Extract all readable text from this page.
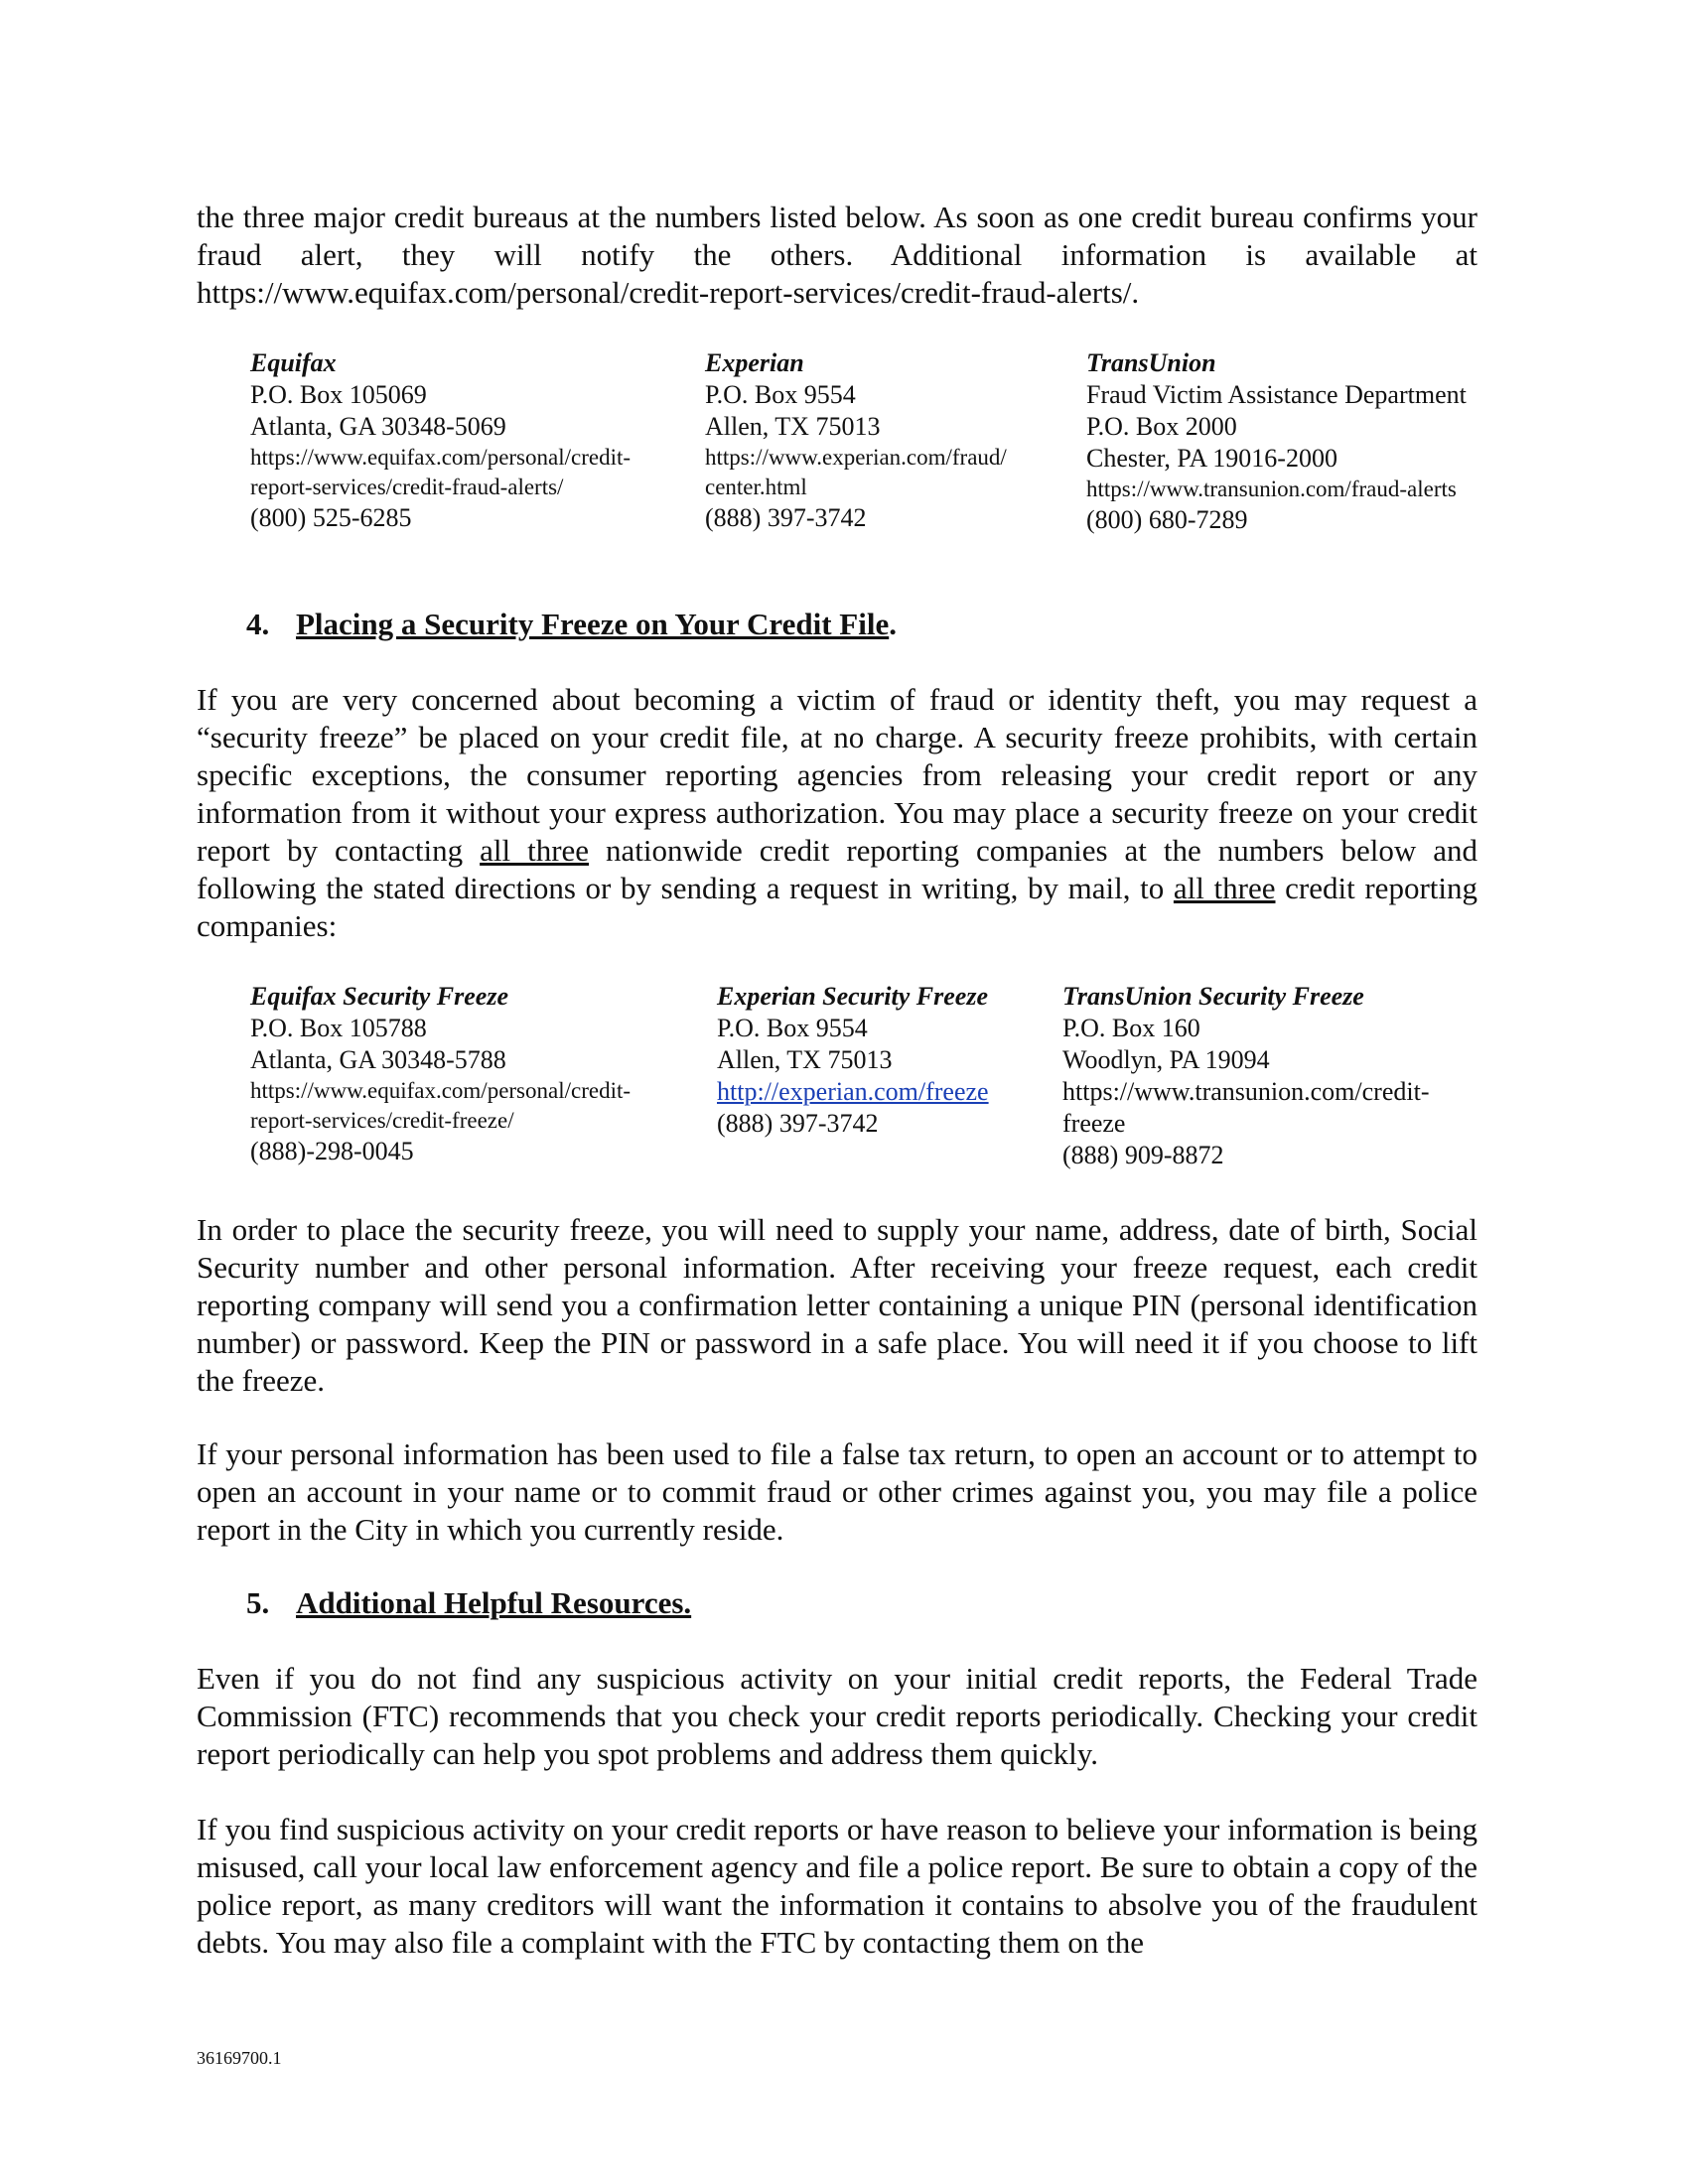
the three major credit bureaus at the numbers listed below. As soon as one credit bureau confirms your fraud alert, they will notify the others. Additional information is available at https://www.equifax.com/personal/credit-report-services/credit-fraud-alerts/.

Equifax
P.O. Box 105069
Atlanta, GA 30348-5069
https://www.equifax.com/personal/credit-
report-services/credit-fraud-alerts/
(800) 525-6285
Experian
P.O. Box 9554
Allen, TX 75013
https://www.experian.com/fraud/
center.html
(888) 397-3742
TransUnion
Fraud Victim Assistance Department
P.O. Box 2000
Chester, PA 19016-2000
https://www.transunion.com/fraud-alerts
(800) 680-7289

4. Placing a Security Freeze on Your Credit File.

If you are very concerned about becoming a victim of fraud or identity theft, you may request a “security freeze” be placed on your credit file, at no charge. A security freeze prohibits, with certain specific exceptions, the consumer reporting agencies from releasing your credit report or any information from it without your express authorization. You may place a security freeze on your credit report by contacting all three nationwide credit reporting companies at the numbers below and following the stated directions or by sending a request in writing, by mail, to all three credit reporting companies:

Equifax Security Freeze
P.O. Box 105788
Atlanta, GA 30348-5788
https://www.equifax.com/personal/credit-
report-services/credit-freeze/
(888)-298-0045
Experian Security Freeze
P.O. Box 9554
Allen, TX 75013
http://experian.com/freeze
(888) 397-3742
TransUnion Security Freeze
P.O. Box 160
Woodlyn, PA 19094
https://www.transunion.com/credit-
freeze
(888) 909-8872

In order to place the security freeze, you will need to supply your name, address, date of birth, Social Security number and other personal information. After receiving your freeze request, each credit reporting company will send you a confirmation letter containing a unique PIN (personal identification number) or password. Keep the PIN or password in a safe place. You will need it if you choose to lift the freeze.

If your personal information has been used to file a false tax return, to open an account or to attempt to open an account in your name or to commit fraud or other crimes against you, you may file a police report in the City in which you currently reside.

5. Additional Helpful Resources.

Even if you do not find any suspicious activity on your initial credit reports, the Federal Trade Commission (FTC) recommends that you check your credit reports periodically. Checking your credit report periodically can help you spot problems and address them quickly.

If you find suspicious activity on your credit reports or have reason to believe your information is being misused, call your local law enforcement agency and file a police report. Be sure to obtain a copy of the police report, as many creditors will want the information it contains to absolve you of the fraudulent debts. You may also file a complaint with the FTC by contacting them on the

36169700.1
